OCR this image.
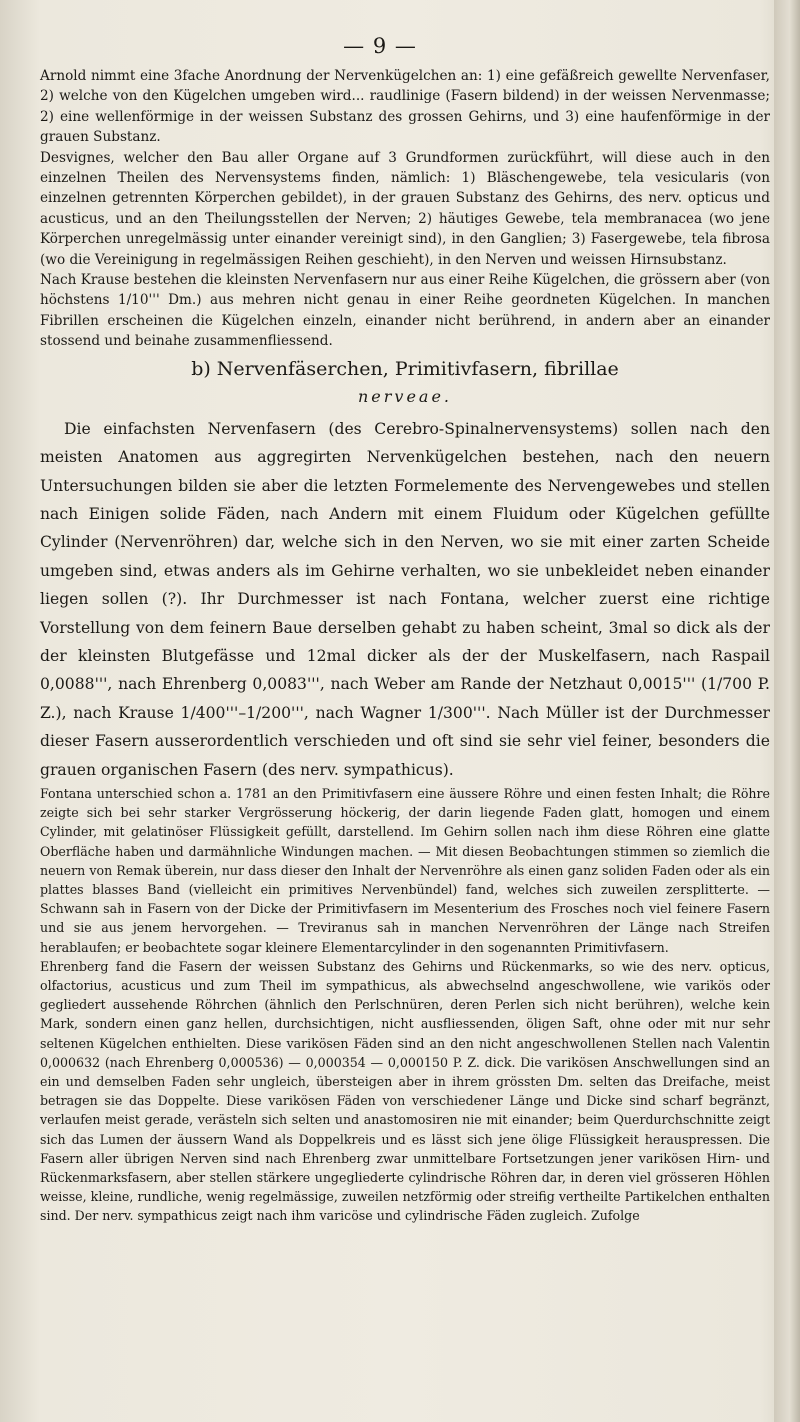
— 9 —

Arnold nimmt eine 3fache Anordnung der Nervenkügelchen an: 1) eine gefäßreich gewellte Nervenfaser, 2) welche von den Kügelchen umgeben wird... raudlinige (Fasern bildend) in der weissen Nervenmasse; 2) eine wellenförmige in der weissen Substanz des grossen Gehirns, und 3) eine haufenförmige in der grauen Substanz.

Desvignes, welcher den Bau aller Organe auf 3 Grundformen zurückführt, will diese auch in den einzelnen Theilen des Nervensystems finden, nämlich: 1) Bläschengewebe, tela vesicularis (von einzelnen getrennten Körperchen gebildet), in der grauen Substanz des Gehirns, des nerv. opticus und acusticus, und an den Theilungsstellen der Nerven; 2) häutiges Gewebe, tela membranacea (wo jene Körperchen unregelmässig unter einander vereinigt sind), in den Ganglien; 3) Fasergewebe, tela fibrosa (wo die Vereinigung in regelmässigen Reihen geschieht), in den Nerven und weissen Hirnsubstanz.

Nach Krause bestehen die kleinsten Nervenfasern nur aus einer Reihe Kügelchen, die grössern aber (von höchstens 1/10''' Dm.) aus mehren nicht genau in einer Reihe geordneten Kügelchen. In manchen Fibrillen erscheinen die Kügelchen einzeln, einander nicht berührend, in andern aber an einander stossend und beinahe zusammenfliessend.

b) Nervenfäserchen, Primitivfasern, fibrillae
nerveae.

Die einfachsten Nervenfasern (des Cerebro-Spinalnervensystems) sollen nach den meisten Anatomen aus aggregirten Nervenkügelchen bestehen, nach den neuern Untersuchungen bilden sie aber die letzten Formelemente des Nervengewebes und stellen nach Einigen solide Fäden, nach Andern mit einem Fluidum oder Kügelchen gefüllte Cylinder (Nervenröhren) dar, welche sich in den Nerven, wo sie mit einer zarten Scheide umgeben sind, etwas anders als im Gehirne verhalten, wo sie unbekleidet neben einander liegen sollen (?). Ihr Durchmesser ist nach Fontana, welcher zuerst eine richtige Vorstellung von dem feinern Baue derselben gehabt zu haben scheint, 3mal so dick als der der kleinsten Blutgefässe und 12mal dicker als der der Muskelfasern, nach Raspail 0,0088''', nach Ehrenberg 0,0083''', nach Weber am Rande der Netzhaut 0,0015''' (1/700 P. Z.), nach Krause 1/400'''–1/200''', nach Wagner 1/300'''. Nach Müller ist der Durchmesser dieser Fasern ausserordentlich verschieden und oft sind sie sehr viel feiner, besonders die grauen organischen Fasern (des nerv. sympathicus).

Fontana unterschied schon a. 1781 an den Primitivfasern eine äussere Röhre und einen festen Inhalt; die Röhre zeigte sich bei sehr starker Vergrösserung höckerig, der darin liegende Faden glatt, homogen und einem Cylinder, mit gelatinöser Flüssigkeit gefüllt, darstellend. Im Gehirn sollen nach ihm diese Röhren eine glatte Oberfläche haben und darmähnliche Windungen machen. — Mit diesen Beobachtungen stimmen so ziemlich die neuern von Remak überein, nur dass dieser den Inhalt der Nervenröhre als einen ganz soliden Faden oder als ein plattes blasses Band (vielleicht ein primitives Nervenbündel) fand, welches sich zuweilen zersplitterte. — Schwann sah in Fasern von der Dicke der Primitivfasern im Mesenterium des Frosches noch viel feinere Fasern und sie aus jenem hervorgehen. — Treviranus sah in manchen Nervenröhren der Länge nach Streifen herablaufen; er beobachtete sogar kleinere Elementarcylinder in den sogenannten Primitivfasern.

Ehrenberg fand die Fasern der weissen Substanz des Gehirns und Rückenmarks, so wie des nerv. opticus, olfactorius, acusticus und zum Theil im sympathicus, als abwechselnd angeschwollene, wie varikös oder gegliedert aussehende Röhrchen (ähnlich den Perlschnüren, deren Perlen sich nicht berühren), welche kein Mark, sondern einen ganz hellen, durchsichtigen, nicht ausfliessenden, öligen Saft, ohne oder mit nur sehr seltenen Kügelchen enthielten. Diese varikösen Fäden sind an den nicht angeschwollenen Stellen nach Valentin 0,000632 (nach Ehrenberg 0,000536) — 0,000354 — 0,000150 P. Z. dick. Die varikösen Anschwellungen sind an ein und demselben Faden sehr ungleich, übersteigen aber in ihrem grössten Dm. selten das Dreifache, meist betragen sie das Doppelte. Diese varikösen Fäden von verschiedener Länge und Dicke sind scharf begränzt, verlaufen meist gerade, verästeln sich selten und anastomosiren nie mit einander; beim Querdurchschnitte zeigt sich das Lumen der äussern Wand als Doppelkreis und es lässt sich jene ölige Flüssigkeit herauspressen. Die Fasern aller übrigen Nerven sind nach Ehrenberg zwar unmittelbare Fortsetzungen jener varikösen Hirn- und Rückenmarksfasern, aber stellen stärkere ungegliederte cylindrische Röhren dar, in deren viel grösseren Höhlen weisse, kleine, rundliche, wenig regelmässige, zuweilen netzförmig oder streifig vertheilte Partikelchen enthalten sind. Der nerv. sympathicus zeigt nach ihm varicöse und cylindrische Fäden zugleich. Zufolge
